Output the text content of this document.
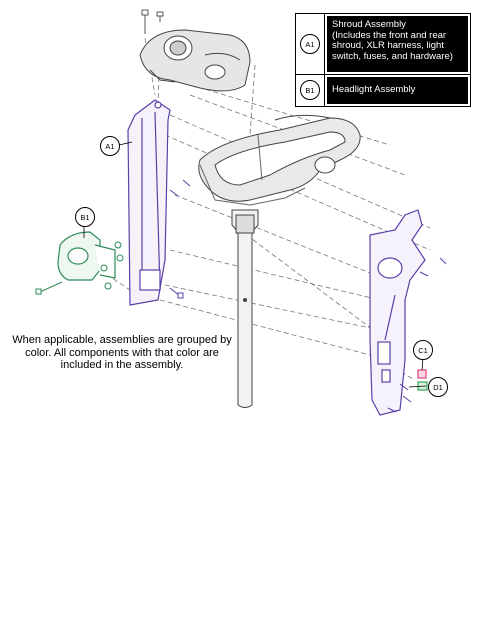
A1
Shroud Assembly
(Includes the front and rear shroud, XLR harness, light switch, fuses, and hardware)
B1	Headlight Assembly
A1
B1
C1
D1
When applicable, assemblies are grouped by color. All components with that color are included in the assembly.
